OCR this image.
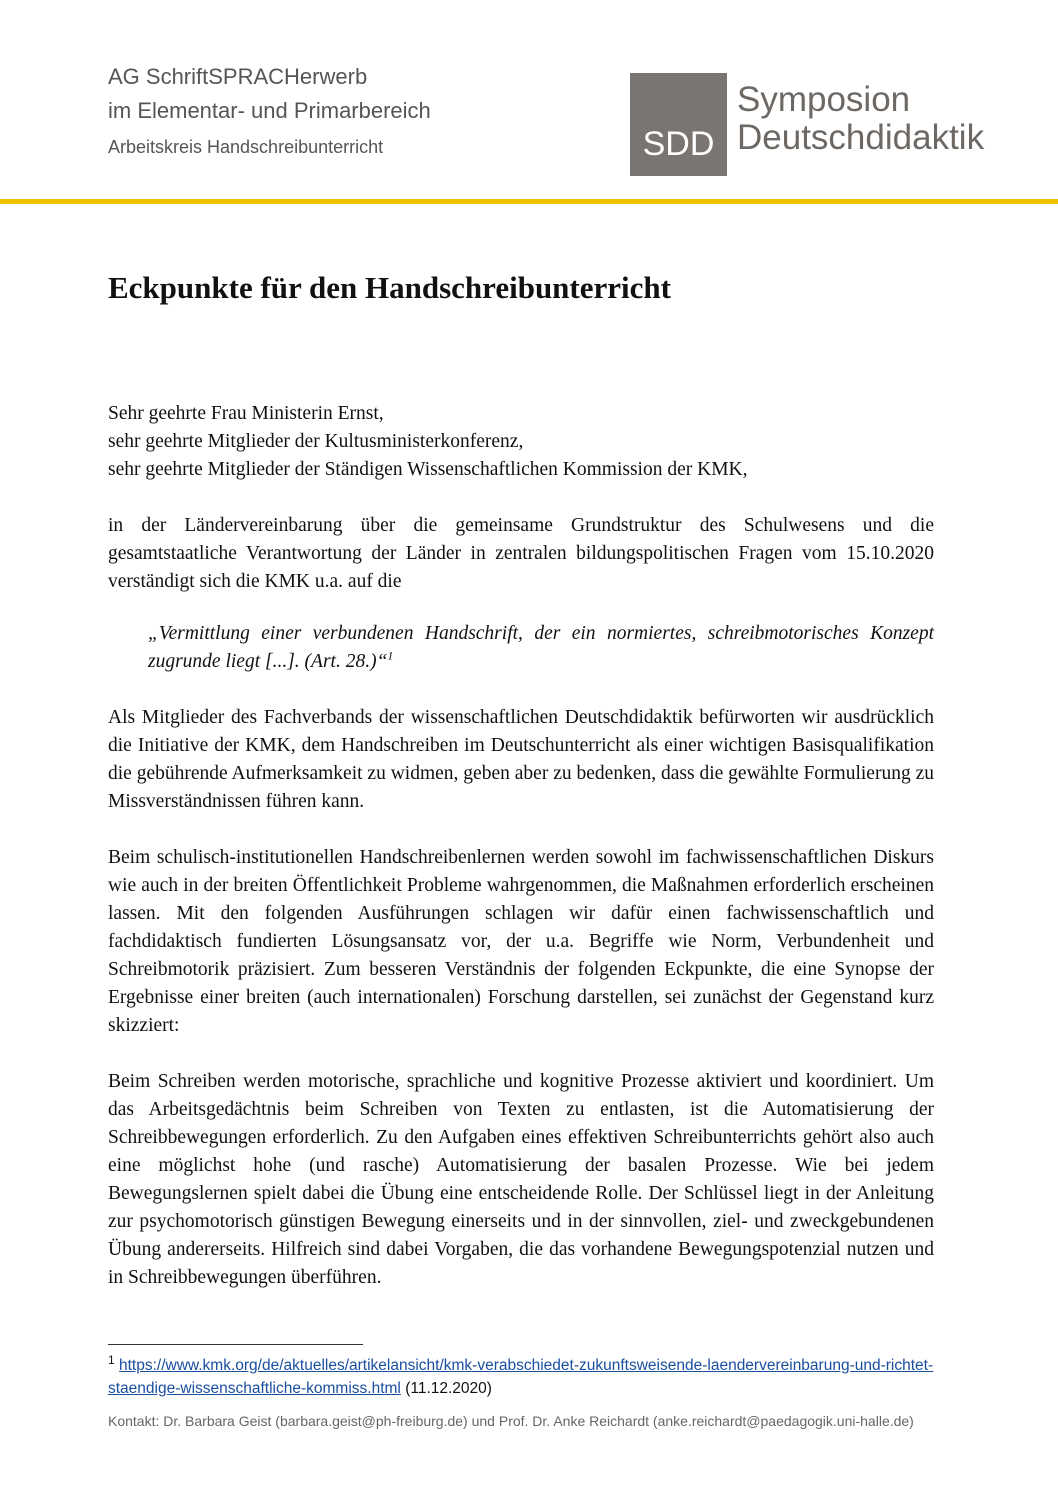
AG SchriftSPRACHerwerb
im Elementar- und Primarbereich
Arbeitskreis Handschreibunterricht	SDD
Symposion
Deutschdidaktik
Eckpunkte für den Handschreibunterricht

Sehr geehrte Frau Ministerin Ernst,

sehr geehrte Mitglieder der Kultusministerkonferenz,

sehr geehrte Mitglieder der Ständigen Wissenschaftlichen Kommission der KMK,

in der Ländervereinbarung über die gemeinsame Grundstruktur des Schulwesens und die gesamtstaatliche Verantwortung der Länder in zentralen bildungspolitischen Fragen vom 15.10.2020 verständigt sich die KMK u.a. auf die

„Vermittlung einer verbundenen Handschrift, der ein normiertes, schreibmotorisches Konzept zugrunde liegt [...]. (Art. 28.)“$^1$

Als Mitglieder des Fachverbands der wissenschaftlichen Deutschdidaktik befürworten wir ausdrücklich die Initiative der KMK, dem Handschreiben im Deutschunterricht als einer wichtigen Basisqualifikation die gebührende Aufmerksamkeit zu widmen, geben aber zu bedenken, dass die gewählte Formulierung zu Missverständnissen führen kann.

Beim schulisch-institutionellen Handschreibenlernen werden sowohl im fachwissenschaftlichen Diskurs wie auch in der breiten Öffentlichkeit Probleme wahrgenommen, die Maßnahmen erforderlich erscheinen lassen. Mit den folgenden Ausführungen schlagen wir dafür einen fachwissenschaftlich und fachdidaktisch fundierten Lösungsansatz vor, der u.a. Begriffe wie Norm, Verbundenheit und Schreibmotorik präzisiert. Zum besseren Verständnis der folgenden Eckpunkte, die eine Synopse der Ergebnisse einer breiten (auch internationalen) Forschung darstellen, sei zunächst der Gegenstand kurz skizziert:

Beim Schreiben werden motorische, sprachliche und kognitive Prozesse aktiviert und koordiniert. Um das Arbeitsgedächtnis beim Schreiben von Texten zu entlasten, ist die Automatisierung der Schreibbewegungen erforderlich. Zu den Aufgaben eines effektiven Schreibunterrichts gehört also auch eine möglichst hohe (und rasche) Automatisierung der basalen Prozesse. Wie bei jedem Bewegungslernen spielt dabei die Übung eine entscheidende Rolle. Der Schlüssel liegt in der Anleitung zur psychomotorisch günstigen Bewegung einerseits und in der sinnvollen, ziel- und zweckgebundenen Übung andererseits. Hilfreich sind dabei Vorgaben, die das vorhandene Bewegungspotenzial nutzen und in Schreibbewegungen überführen.

$^1$ https://www.kmk.org/de/aktuelles/artikelansicht/kmk-verabschiedet-zukunftsweisende-laendervereinbarung-und-richtet-staendige-wissenschaftliche-kommiss.html (11.12.2020)
Kontakt: Dr. Barbara Geist (barbara.geist@ph-freiburg.de) und Prof. Dr. Anke Reichardt (anke.reichardt@paedagogik.uni-halle.de)
